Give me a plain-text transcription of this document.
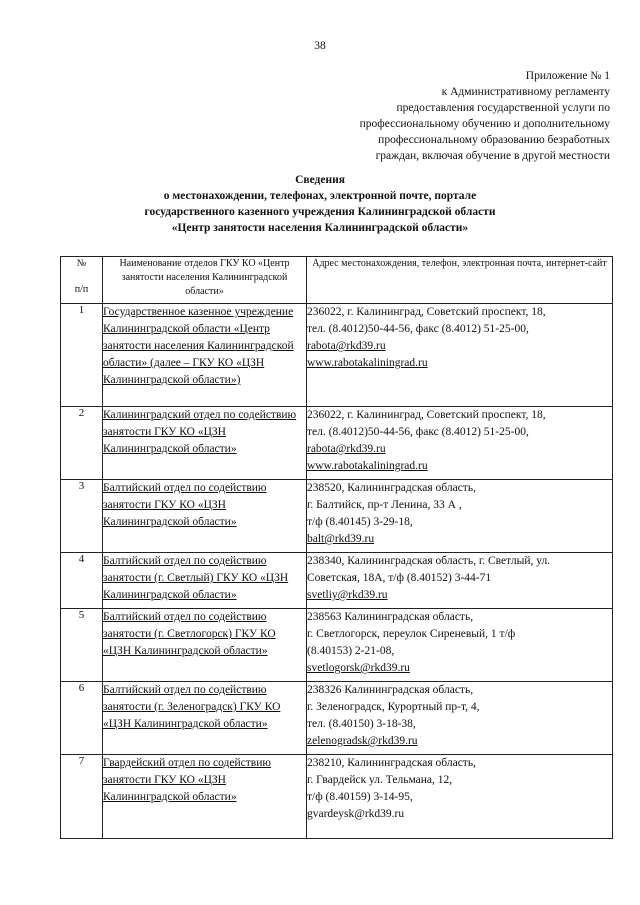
38
Приложение № 1
к Административному регламенту
предоставления государственной услуги по
профессиональному обучению и дополнительному
профессиональному образованию безработных
граждан, включая обучение в другой местности
Сведения
о местонахождении, телефонах, электронной почте, портале
государственного казенного учреждения Калининградской области
«Центр занятости населения Калининградской области»
№
п/п	Наименование отделов ГКУ КО «Центр занятости населения Калининградской области»	Адрес местонахождения, телефон, электронная почта, интернет-сайт
1	Государственное казенное учреждение Калининградской области «Центр занятости населения Калининградской области» (далее – ГКУ КО «ЦЗН Калининградской области»)	236022, г. Калининград, Советский проспект, 18,
тел. (8.4012)50-44-56, факс (8.4012) 51-25-00,
rabota@rkd39.ru
www.rabotakaliningrad.ru

2	Калининградский отдел по содействию занятости ГКУ КО «ЦЗН Калининградской области»	236022, г. Калининград, Советский проспект, 18,
тел. (8.4012)50-44-56, факс (8.4012) 51-25-00,
rabota@rkd39.ru
www.rabotakaliningrad.ru

3	Балтийский отдел по содействию занятости ГКУ КО «ЦЗН Калининградской области»	238520, Калининградская область,
г. Балтийск, пр-т Ленина, 33 А ,
т/ф (8.40145) 3-29-18,
balt@rkd39.ru

4	Балтийский отдел по содействию занятости (г. Светлый) ГКУ КО «ЦЗН Калининградской области»	238340, Калининградская область, г. Светлый, ул.
Советская, 18А, т/ф (8.40152) 3-44-71
svetliy@rkd39.ru

5	Балтийский отдел по содействию занятости (г. Светлогорск) ГКУ КО «ЦЗН Калининградской области»	238563 Калининградская область,
г. Светлогорск, переулок Сиреневый, 1 т/ф
(8.40153) 2-21-08,
svetlogorsk@rkd39.ru

6	Балтийский отдел по содействию занятости (г. Зеленоградск) ГКУ КО «ЦЗН Калининградской области»	238326 Калининградская область,
г. Зеленоградск, Курортный пр-т, 4,
тел. (8.40150) 3-18-38,
zelenogradsk@rkd39.ru

7	Гвардейский отдел по содействию занятости ГКУ КО «ЦЗН Калининградской области»	238210, Калининградская область,
г. Гвардейск ул. Тельмана, 12,
т/ф (8.40159) 3-14-95,
gvardeysk@rkd39.ru
